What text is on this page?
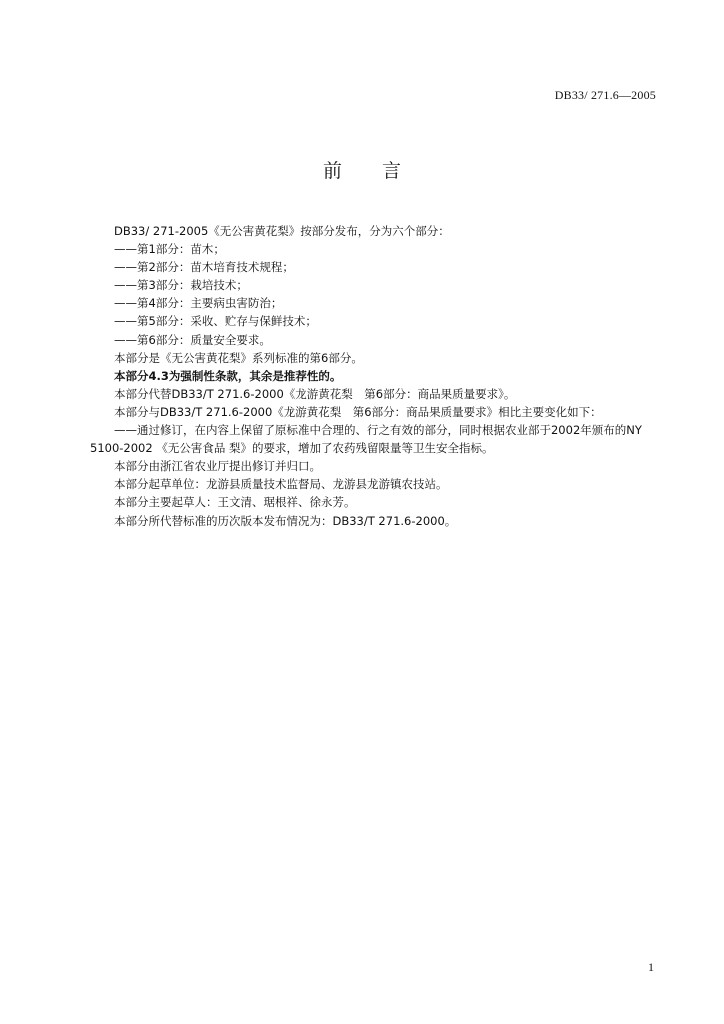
DB33/ 271.6—2005
前言

DB33/ 271-2005《无公害黄花梨》按部分发布，分为六个部分：

——第1部分：苗木；

——第2部分：苗木培育技术规程；

——第3部分：栽培技术；

——第4部分：主要病虫害防治；

——第5部分：采收、贮存与保鲜技术；

——第6部分：质量安全要求。

本部分是《无公害黄花梨》系列标准的第6部分。

本部分4.3为强制性条款，其余是推荐性的。

本部分代替DB33/T 271.6-2000《龙游黄花梨　第6部分：商品果质量要求》。

本部分与DB33/T 271.6-2000《龙游黄花梨　第6部分：商品果质量要求》相比主要变化如下：

——通过修订，在内容上保留了原标准中合理的、行之有效的部分，同时根据农业部于2002年颁布的NY 5100-2002 《无公害食品 梨》的要求，增加了农药残留限量等卫生安全指标。

本部分由浙江省农业厅提出修订并归口。

本部分起草单位：龙游县质量技术监督局、龙游县龙游镇农技站。

本部分主要起草人：王文清、琚根祥、徐永芳。

本部分所代替标准的历次版本发布情况为：DB33/T 271.6-2000。

1
